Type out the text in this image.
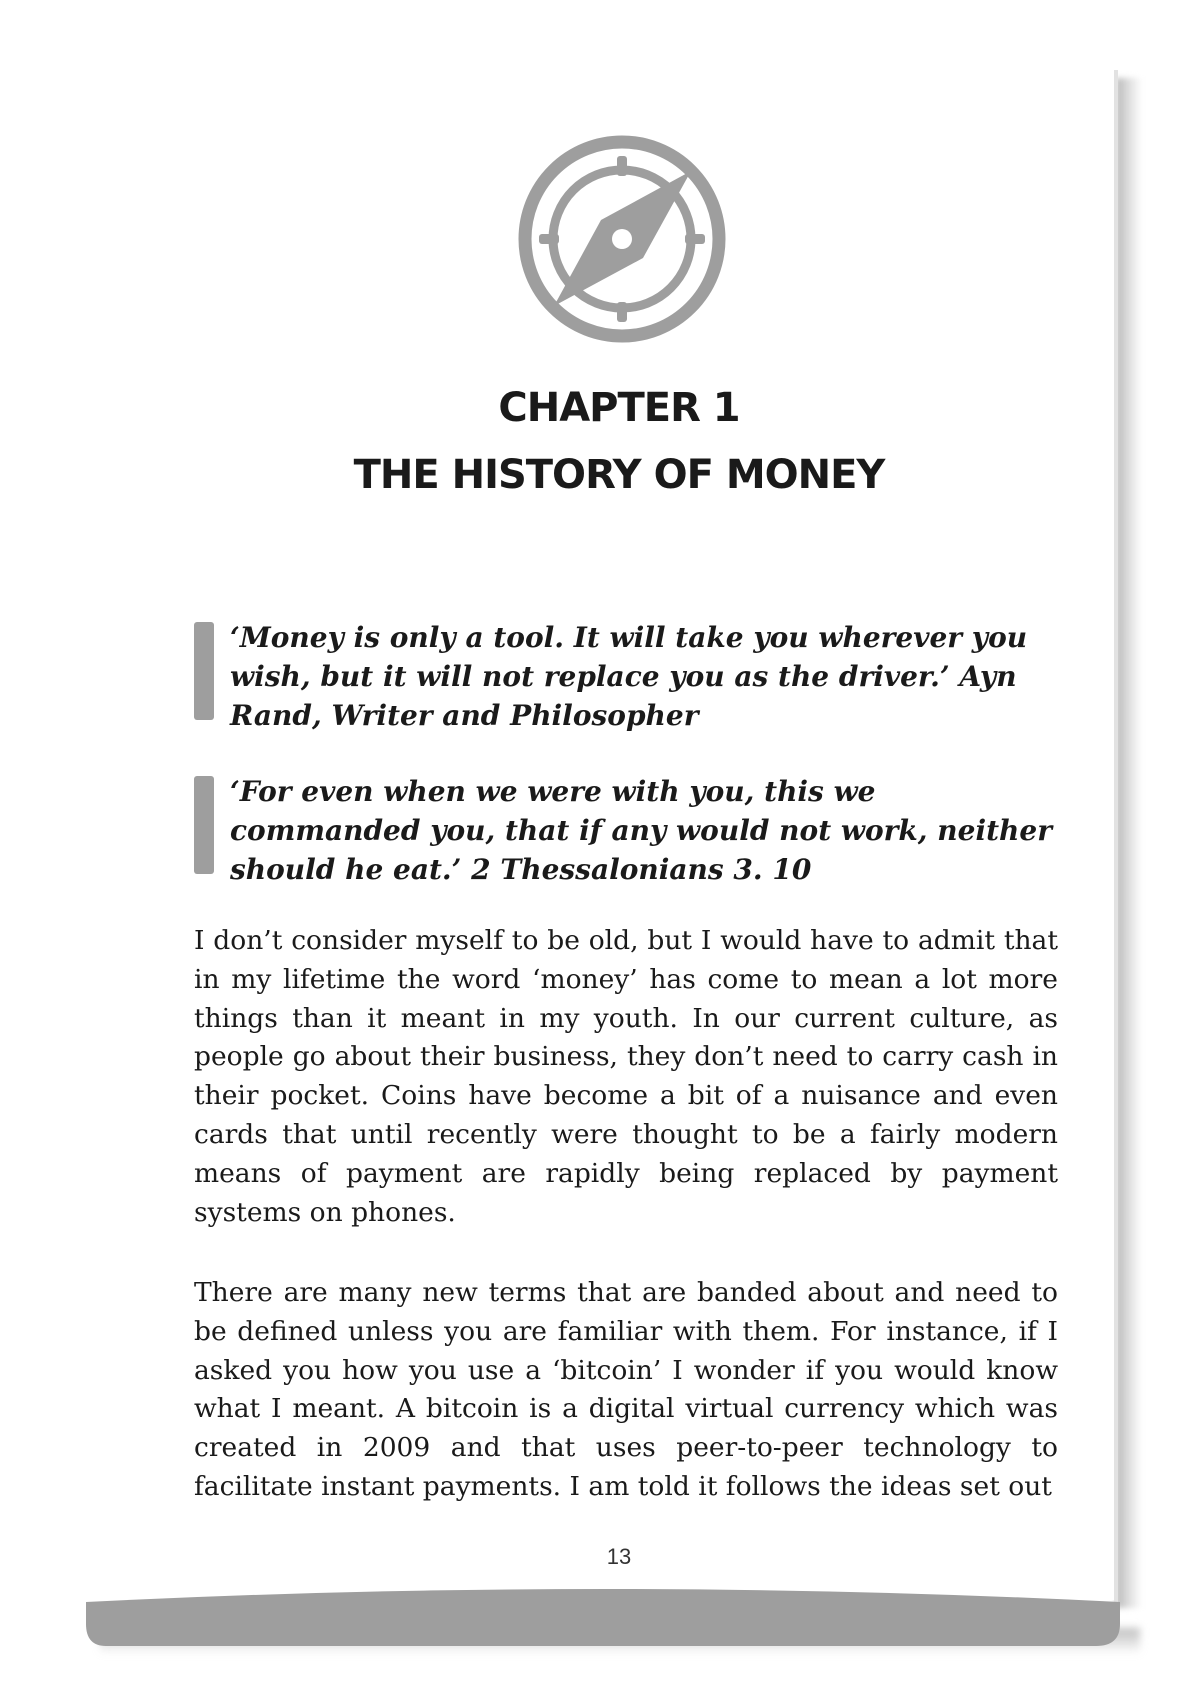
CHAPTER 1
THE HISTORY OF MONEY

‘Money is only a tool. It will take you wherever you wish, but it will not replace you as the driver.’ Ayn Rand, Writer and Philosopher

‘For even when we were with you, this we commanded you, that if any would not work, neither should he eat.’ 2 Thessalonians 3. 10

I don’t consider myself to be old, but I would have to admit that in my lifetime the word ‘money’ has come to mean a lot more things than it meant in my youth. In our current culture, as people go about their business, they don’t need to carry cash in their pocket. Coins have become a bit of a nuisance and even cards that until recently were thought to be a fairly modern means of payment are rapidly being replaced by payment systems on phones.

There are many new terms that are banded about and need to be defined unless you are familiar with them. For instance, if I asked you how you use a ‘bitcoin’ I wonder if you would know what I meant. A bitcoin is a digital virtual currency which was created in 2009 and that uses peer-to-peer technology to facilitate instant payments. I am told it follows the ideas set out

13
